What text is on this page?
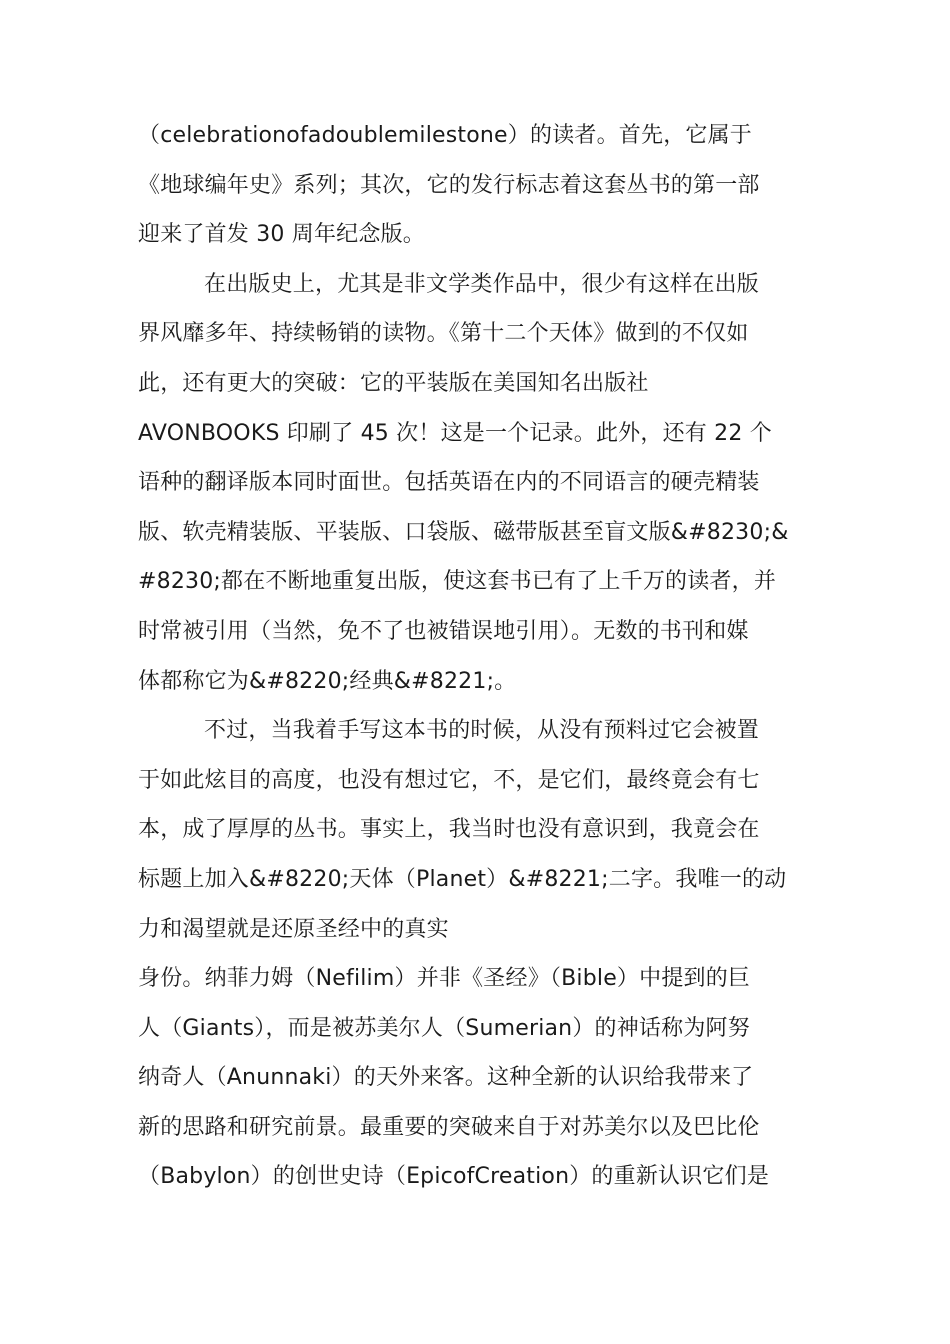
（celebrationofadoublemilestone）的读者。首先，它属于
《地球编年史》系列；其次，它的发行标志着这套丛书的第一部
迎来了首发 30 周年纪念版。
在出版史上，尤其是非文学类作品中，很少有这样在出版
界风靡多年、持续畅销的读物。《第十二个天体》做到的不仅如
此，还有更大的突破：它的平装版在美国知名出版社
AVONBOOKS 印刷了 45 次！这是一个记录。此外，还有 22 个
语种的翻译版本同时面世。包括英语在内的不同语言的硬壳精装
版、软壳精装版、平装版、口袋版、磁带版甚至盲文版&#8230;&
#8230;都在不断地重复出版，使这套书已有了上千万的读者，并
时常被引用（当然，免不了也被错误地引用）。无数的书刊和媒
体都称它为&#8220;经典&#8221;。
不过，当我着手写这本书的时候，从没有预料过它会被置
于如此炫目的高度，也没有想过它，不，是它们，最终竟会有七
本，成了厚厚的丛书。事实上，我当时也没有意识到，我竟会在
标题上加入&#8220;天体（Planet）&#8221;二字。我唯一的动
力和渴望就是还原圣经中的真实
身份。纳菲力姆（Nefilim）并非《圣经》（Bible）中提到的巨
人（Giants），而是被苏美尔人（Sumerian）的神话称为阿努
纳奇人（Anunnaki）的天外来客。这种全新的认识给我带来了
新的思路和研究前景。最重要的突破来自于对苏美尔以及巴比伦
（Babylon）的创世史诗（EpicofCreation）的重新认识它们是
